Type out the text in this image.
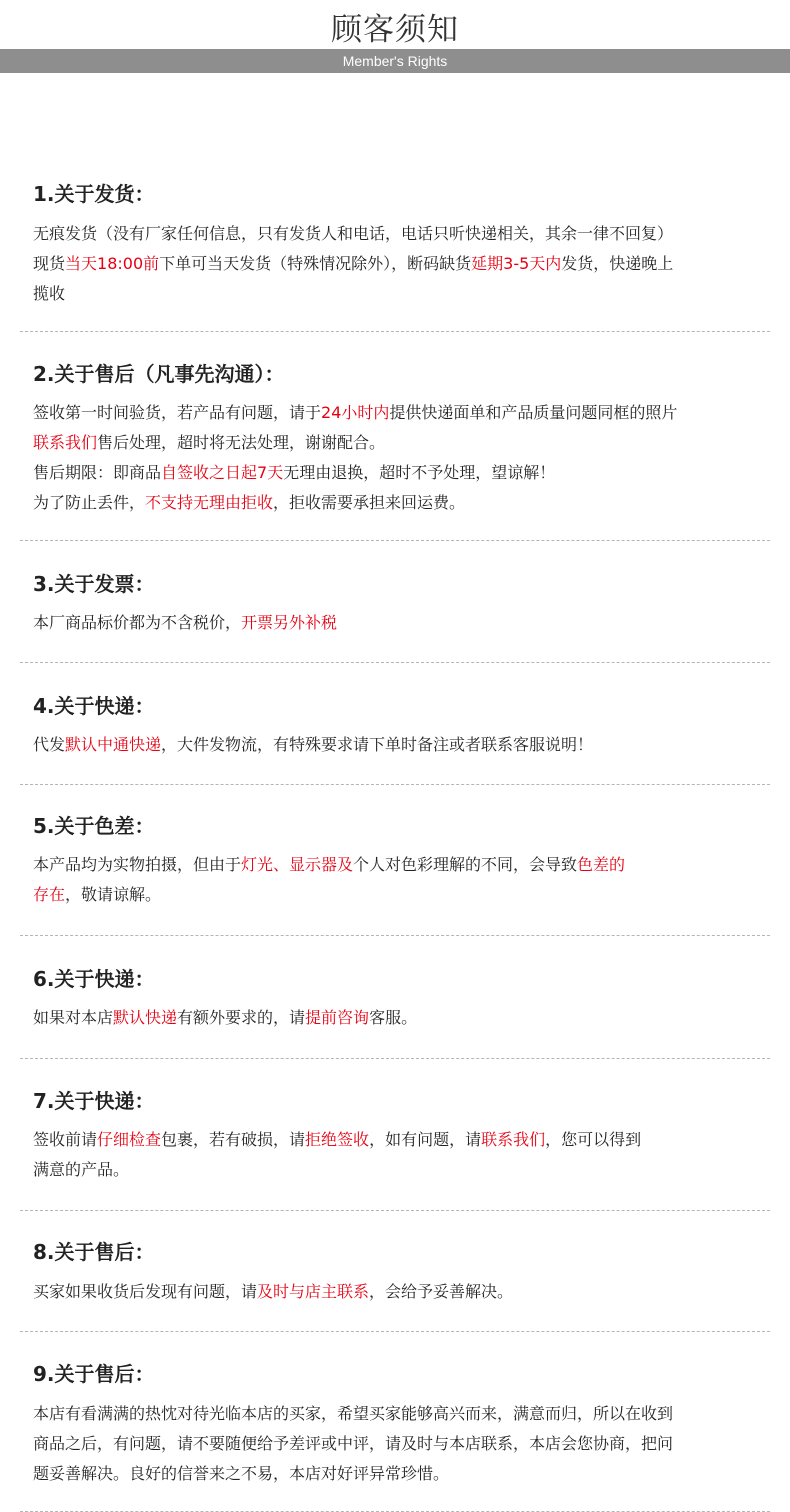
顾客须知
Member's Rights
1.关于发货：
无痕发货（没有厂家任何信息，只有发货人和电话，电话只听快递相关，其余一律不回复）
现货当天18:00前下单可当天发货（特殊情况除外），断码缺货延期3-5天内发货，快递晚上
揽收
2.关于售后（凡事先沟通）：
签收第一时间验货，若产品有问题，请于24小时内提供快递面单和产品质量问题同框的照片
联系我们售后处理，超时将无法处理，谢谢配合。
售后期限：即商品自签收之日起7天无理由退换，超时不予处理，望谅解！
为了防止丢件，不支持无理由拒收，拒收需要承担来回运费。
3.关于发票：
本厂商品标价都为不含税价，开票另外补税
4.关于快递：
代发默认中通快递，大件发物流，有特殊要求请下单时备注或者联系客服说明！
5.关于色差：
本产品均为实物拍摄，但由于灯光、显示器及个人对色彩理解的不同，会导致色差的
存在，敬请谅解。
6.关于快递：
如果对本店默认快递有额外要求的，请提前咨询客服。
7.关于快递：
签收前请仔细检查包裹，若有破损，请拒绝签收，如有问题，请联系我们，您可以得到
满意的产品。
8.关于售后：
买家如果收货后发现有问题，请及时与店主联系，会给予妥善解决。
9.关于售后：
本店有看满满的热忱对待光临本店的买家，希望买家能够高兴而来，满意而归，所以在收到
商品之后，有问题，请不要随便给予差评或中评，请及时与本店联系，本店会您协商，把问
题妥善解决。良好的信誉来之不易，本店对好评异常珍惜。
